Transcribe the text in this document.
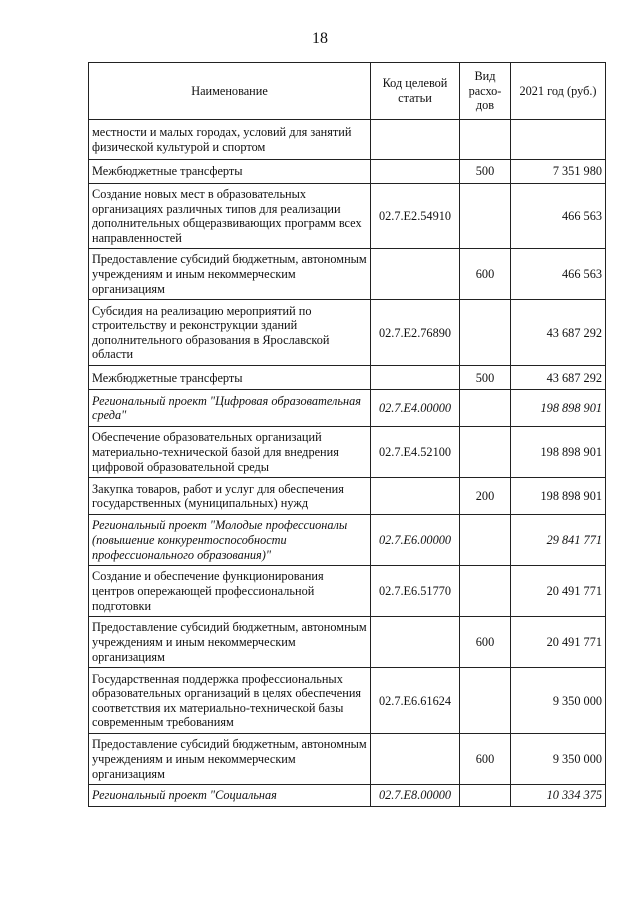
18
Наименование	Код целевой статьи	Вид расхо-дов	2021 год (руб.)
местности и малых городах, условий для занятий физической культурой и спортом			
Межбюджетные трансферты		500	7 351 980
Создание новых мест в образовательных организациях различных типов для реализации дополнительных общеразвивающих программ всех направленностей	02.7.E2.54910		466 563
Предоставление субсидий бюджетным, автономным учреждениям и иным некоммерческим организациям		600	466 563
Субсидия на реализацию мероприятий по строительству и реконструкции зданий дополнительного образования в Ярославской области	02.7.E2.76890		43 687 292
Межбюджетные трансферты		500	43 687 292
Региональный проект "Цифровая образовательная среда"	02.7.E4.00000		198 898 901
Обеспечение образовательных организаций материально-технической базой для внедрения цифровой образовательной среды	02.7.E4.52100		198 898 901
Закупка товаров, работ и услуг для обеспечения государственных (муниципальных) нужд		200	198 898 901
Региональный проект "Молодые профессионалы (повышение конкурентоспособности профессионального образования)"	02.7.E6.00000		29 841 771
Создание и обеспечение функционирования центров опережающей профессиональной подготовки	02.7.E6.51770		20 491 771
Предоставление субсидий бюджетным, автономным учреждениям и иным некоммерческим организациям		600	20 491 771
Государственная поддержка профессиональных образовательных организаций в целях обеспечения соответствия их материально-технической базы современным требованиям	02.7.E6.61624		9 350 000
Предоставление субсидий бюджетным, автономным учреждениям и иным некоммерческим организациям		600	9 350 000
Региональный проект "Социальная	02.7.E8.00000		10 334 375
